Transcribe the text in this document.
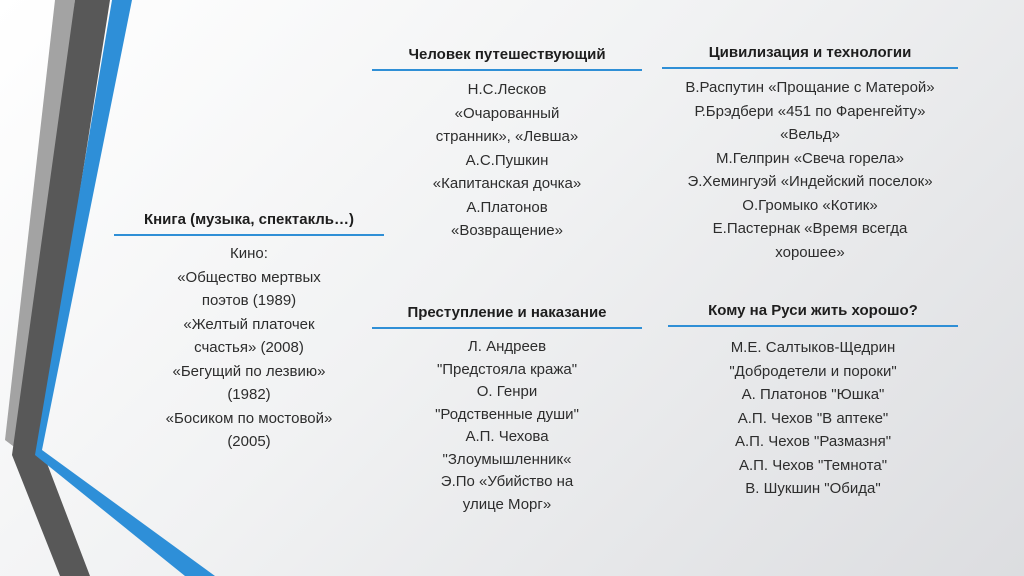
Книга (музыка, спектакль…)
Кино:
«Общество мертвых
поэтов (1989)
«Желтый платочек
счастья» (2008)
«Бегущий по лезвию»
(1982)
«Босиком по мостовой»
(2005)
Человек путешествующий
Н.С.Лесков
«Очарованный
странник», «Левша»
А.С.Пушкин
«Капитанская дочка»
А.Платонов
«Возвращение»
Цивилизация и технологии
В.Распутин «Прощание с Матерой»
Р.Брэдбери «451 по Фаренгейту»
«Вельд»
М.Гелприн «Свеча горела»
Э.Хемингуэй «Индейский поселок»
О.Громыко «Котик»
Е.Пастернак «Время всегда
хорошее»
Преступление и наказание
Л. Андреев
"Предстояла кража"
О. Генри
"Родственные души"
А.П. Чехова
"Злоумышленник«
Э.По «Убийство на
улице Морг»
Кому на Руси жить хорошо?
М.Е. Салтыков-Щедрин
"Добродетели и пороки"
А. Платонов "Юшка"
А.П. Чехов "В аптеке"
А.П. Чехов "Размазня"
А.П. Чехов "Темнота"
В. Шукшин "Обида"
